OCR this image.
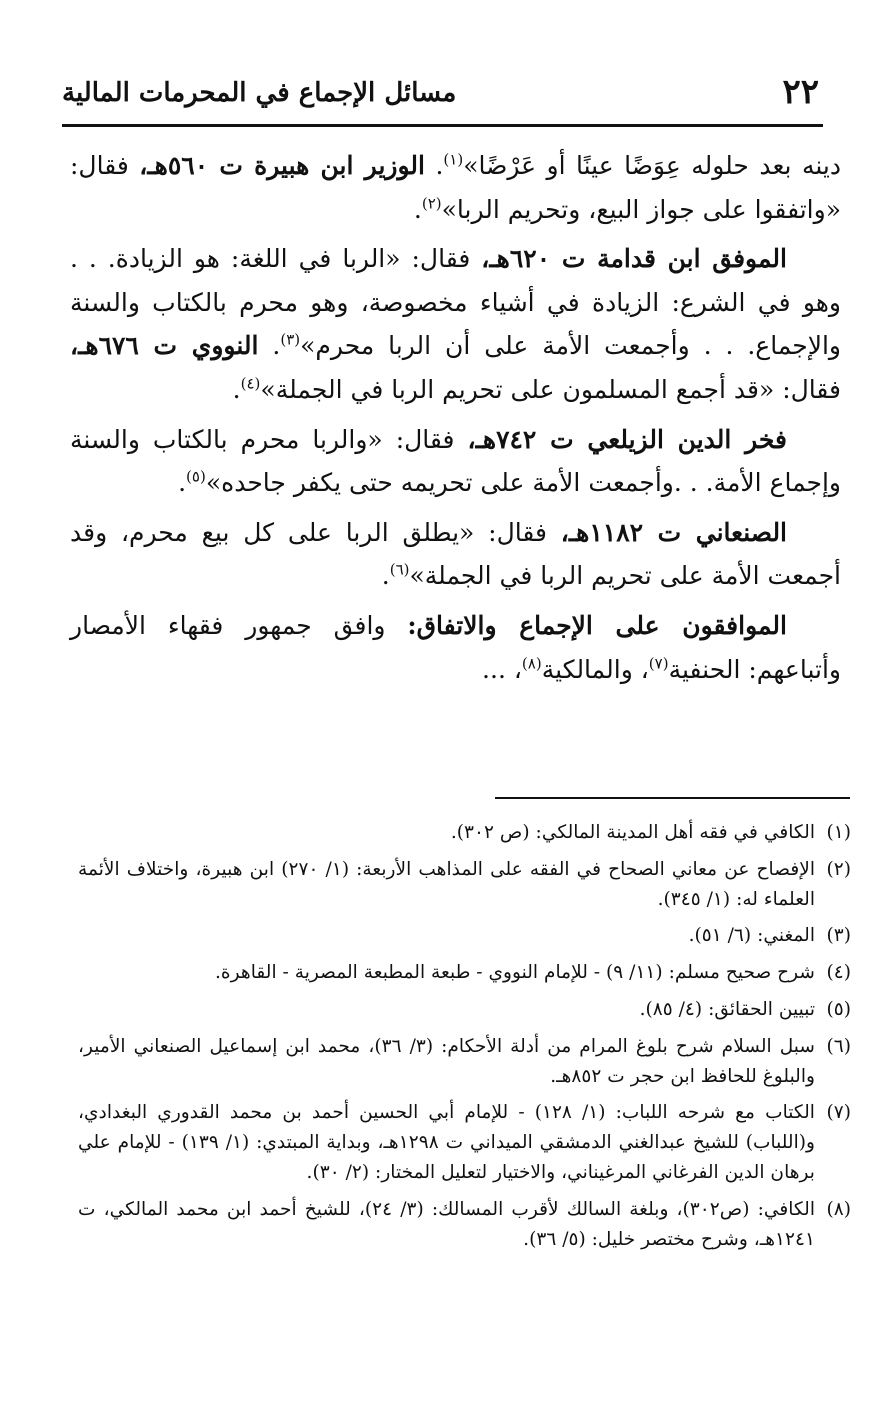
٢٢
مسائل الإجماع في المحرمات المالية

دينه بعد حلوله عِوَضًا عينًا أو عَرْضًا»$^{(١)}$. الوزير ابن هبيرة ت ٥٦٠هـ، فقال: «واتفقوا على جواز البيع، وتحريم الربا»$^{(٢)}$.

الموفق ابن قدامة ت ٦٢٠هـ، فقال: «الربا في اللغة: هو الزيادة. . . وهو في الشرع: الزيادة في أشياء مخصوصة، وهو محرم بالكتاب والسنة والإجماع. . . وأجمعت الأمة على أن الربا محرم»$^{(٣)}$. النووي ت ٦٧٦هـ، فقال: «قد أجمع المسلمون على تحريم الربا في الجملة»$^{(٤)}$.

فخر الدين الزيلعي ت ٧٤٢هـ، فقال: «والربا محرم بالكتاب والسنة وإجماع الأمة. . .وأجمعت الأمة على تحريمه حتى يكفر جاحده»$^{(٥)}$.

الصنعاني ت ١١٨٢هـ، فقال: «يطلق الربا على كل بيع محرم، وقد أجمعت الأمة على تحريم الربا في الجملة»$^{(٦)}$.

الموافقون على الإجماع والاتفاق: وافق جمهور فقهاء الأمصار وأتباعهم: الحنفية$^{(٧)}$، والمالكية$^{(٨)}$، ...

(١)
الكافي في فقه أهل المدينة المالكي: (ص ٣٠٢).
(٢)
الإفصاح عن معاني الصحاح في الفقه على المذاهب الأربعة: (١/ ٢٧٠) ابن هبيرة، واختلاف الأئمة العلماء له: (١/ ٣٤٥).
(٣)
المغني: (٦/ ٥١).
(٤)
شرح صحيح مسلم: (١١/ ٩) - للإمام النووي - طبعة المطبعة المصرية - القاهرة.
(٥)
تبيين الحقائق: (٤/ ٨٥).
(٦)
سبل السلام شرح بلوغ المرام من أدلة الأحكام: (٣/ ٣٦)، محمد ابن إسماعيل الصنعاني الأمير، والبلوغ للحافظ ابن حجر ت ٨٥٢هـ.
(٧)
الكتاب مع شرحه اللباب: (١/ ١٢٨) - للإمام أبي الحسين أحمد بن محمد القدوري البغدادي، و(اللباب) للشيخ عبدالغني الدمشقي الميداني ت ١٢٩٨هـ، وبداية المبتدي: (١/ ١٣٩) - للإمام علي برهان الدين الفرغاني المرغيناني، والاختيار لتعليل المختار: (٢/ ٣٠).
(٨)
الكافي: (ص٣٠٢)، وبلغة السالك لأقرب المسالك: (٣/ ٢٤)، للشيخ أحمد ابن محمد المالكي، ت ١٢٤١هـ، وشرح مختصر خليل: (٥/ ٣٦).
